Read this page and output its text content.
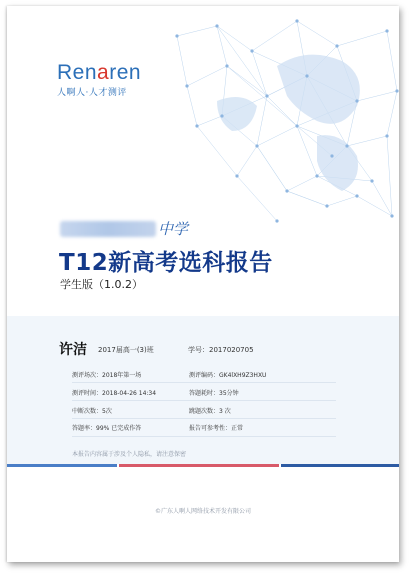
Renaren
人啊人·人才测评
中学
T12新高考选科报告
学生版（1.0.2）
许洁 2017届高一(3)班	学号：2017020705
测评场次：2018年第一场	测评编码：GK4lXH9Z3HXU
测评时间：2018-04-26 14:34	答题耗时：35分钟
中断次数：5次	跳题次数：3 次
答题率：99% 已完成作答	报告可参考性：正常
本报告内容属于涉及个人隐私，请注意保密
©广东人啊人网络技术开发有限公司
